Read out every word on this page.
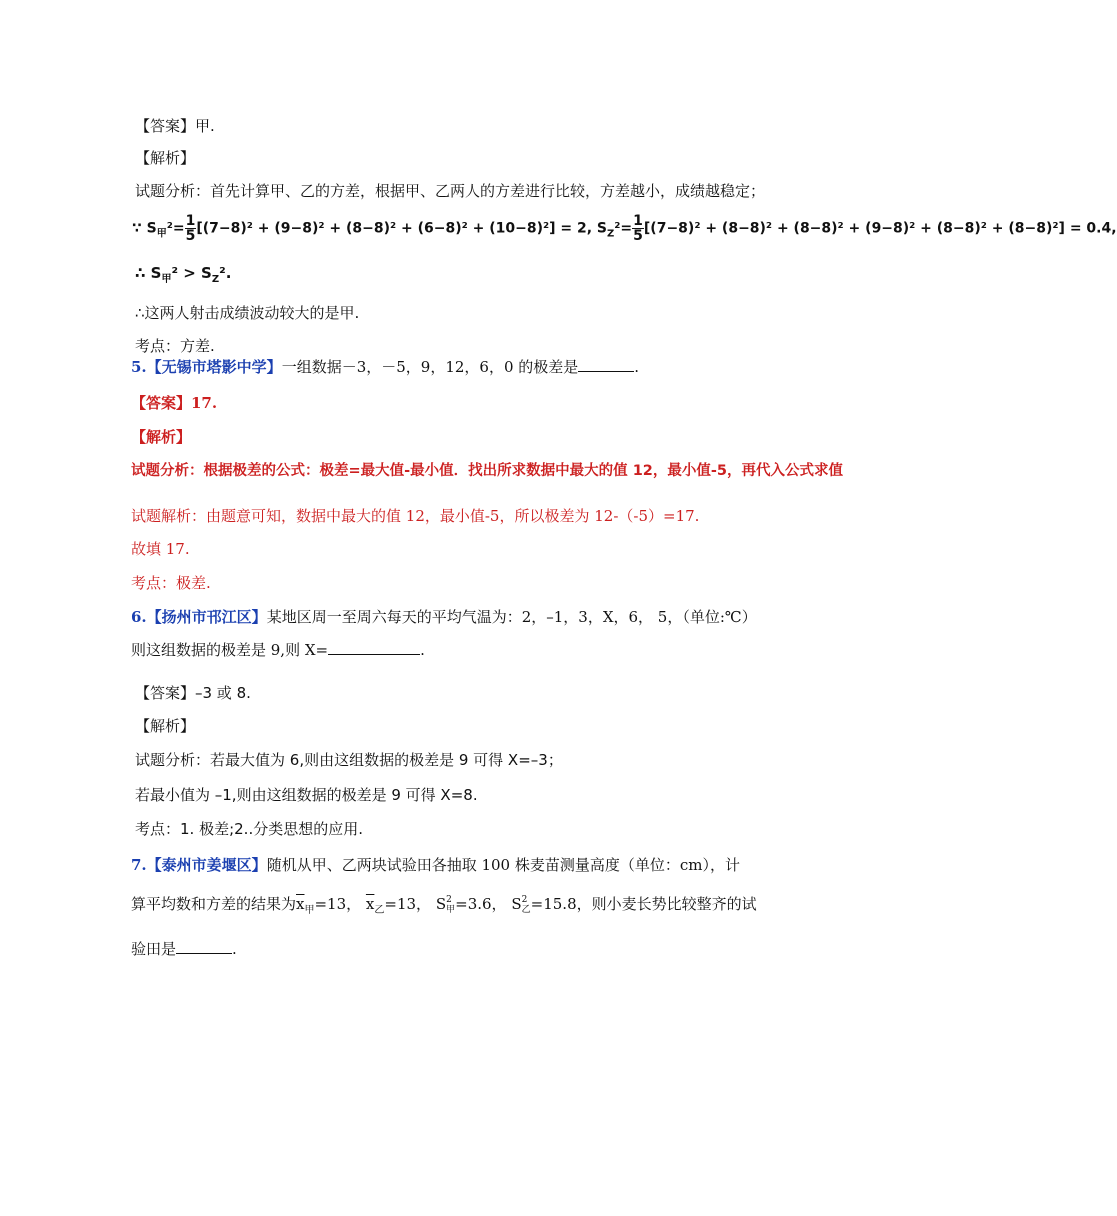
【答案】甲.
【解析】
试题分析：首先计算甲、乙的方差，根据甲、乙两人的方差进行比较，方差越小，成绩越稳定；
∵ $S_甲^2= \frac{1}{5} [(7-8)^2 + (9-8)^2 + (8-8)^2 + (6-8)^2 + (10-8)^2] = 2$, $S_Z^2= \frac{1}{5} [(7-8)^2 + (8-8)^2 + (8-8)^2 + (9-8)^2 + (8-8)^2 + (8-8)^2] = 0.4$,
∴ $S_甲^2 > S_Z^2$.
∴这两人射击成绩波动较大的是甲.
考点：方差.
5.【无锡市塔影中学】一组数据－3，－5，9，12，6，0 的极差是	.
【答案】17.
【解析】
试题分析：根据极差的公式：极差=最大值-最小值．找出所求数据中最大的值 12，最小值-5，再代入公式求值
试题解析：由题意可知，数据中最大的值 12，最小值-5，所以极差为 12-（-5）=17.
故填 17.
考点：极差.
6.【扬州市邗江区】某地区周一至周六每天的平均气温为：2，–1，3，X，6， 5，（单位:℃）
则这组数据的极差是 9,则 X=	.
【答案】–3 或 8.
【解析】
试题分析：若最大值为 6,则由这组数据的极差是 9 可得 X=–3；
若最小值为 –1,则由这组数据的极差是 9 可得 X=8.
考点：1. 极差;2..分类思想的应用.
7.【泰州市姜堰区】随机从甲、乙两块试验田各抽取 100 株麦苗测量高度（单位：cm），计
算平均数和方差的结果为$\overline{x}_甲=13$， $\overline{x}_乙=13$， S 2
甲 =3.6， S 2
乙 =15.8，则小麦长势比较整齐的试
验田是	.
